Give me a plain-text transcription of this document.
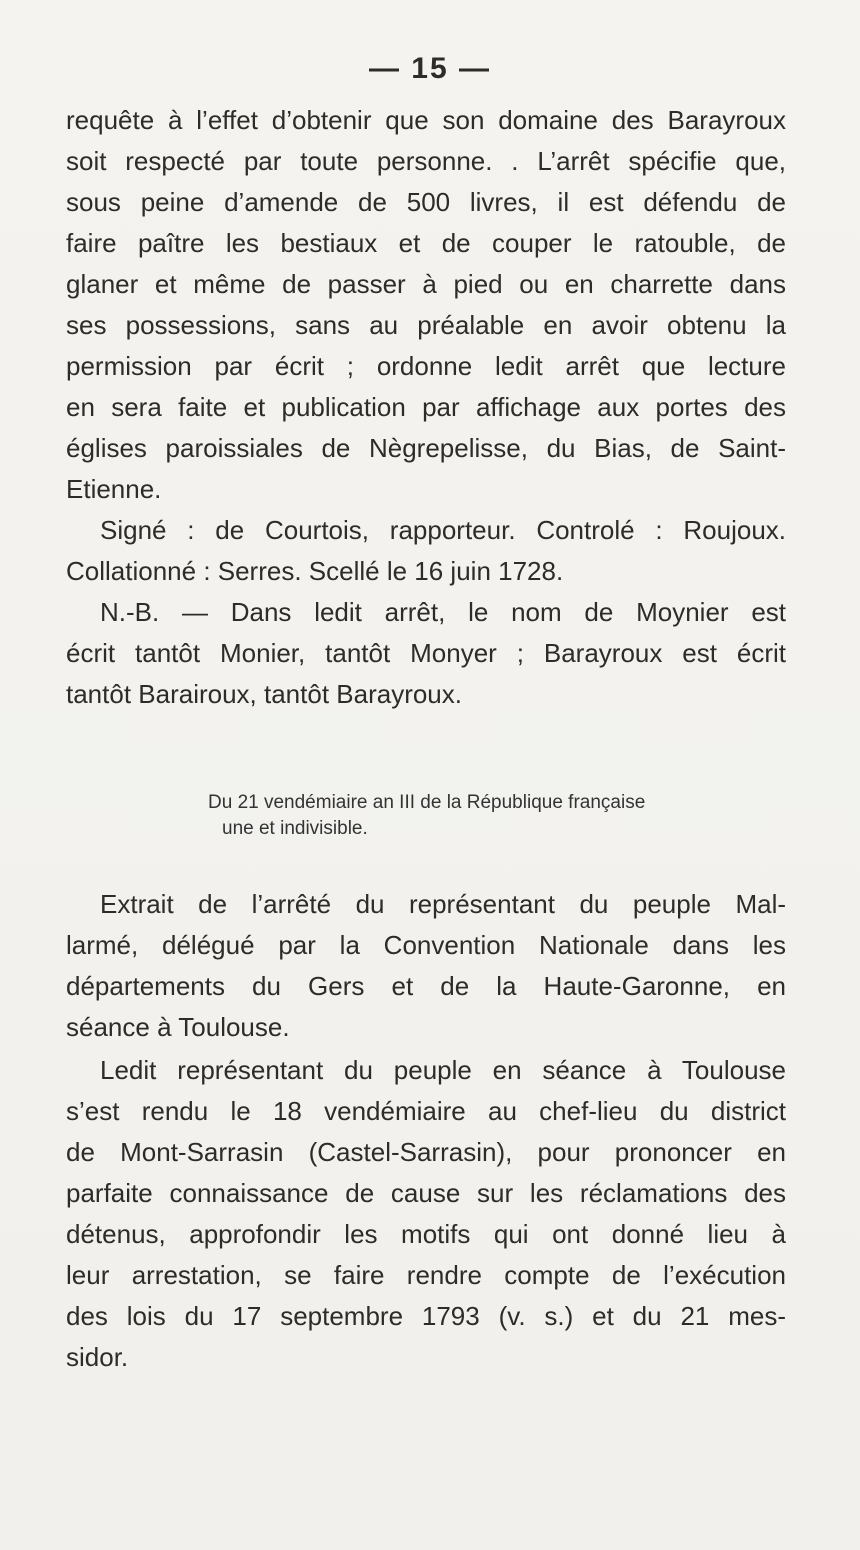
— 15 —
requête à l’effet d’obtenir que son domaine des Barayroux
soit respecté par toute personne. . L’arrêt spécifie que,
sous peine d’amende de 500 livres, il est défendu de
faire paître les bestiaux et de couper le ratouble, de
glaner et même de passer à pied ou en charrette dans
ses possessions, sans au préalable en avoir obtenu la
permission par écrit ; ordonne ledit arrêt que lecture
en sera faite et publication par affichage aux portes des
églises paroissiales de Nègrepelisse, du Bias, de Saint-
Etienne.
Signé : de Courtois, rapporteur. Controlé : Roujoux.
Collationné : Serres. Scellé le 16 juin 1728.
N.-B. — Dans ledit arrêt, le nom de Moynier est
écrit tantôt Monier, tantôt Monyer ; Barayroux est écrit
tantôt Barairoux, tantôt Barayroux.
Du 21 vendémiaire an III de la République française
une et indivisible.
Extrait de l’arrêté du représentant du peuple Mal-
larmé, délégué par la Convention Nationale dans les
départements du Gers et de la Haute-Garonne, en
séance à Toulouse.
Ledit représentant du peuple en séance à Toulouse
s’est rendu le 18 vendémiaire au chef-lieu du district
de Mont-Sarrasin (Castel-Sarrasin), pour prononcer en
parfaite connaissance de cause sur les réclamations des
détenus, approfondir les motifs qui ont donné lieu à
leur arrestation, se faire rendre compte de l’exécution
des lois du 17 septembre 1793 (v. s.) et du 21 mes-
sidor.
